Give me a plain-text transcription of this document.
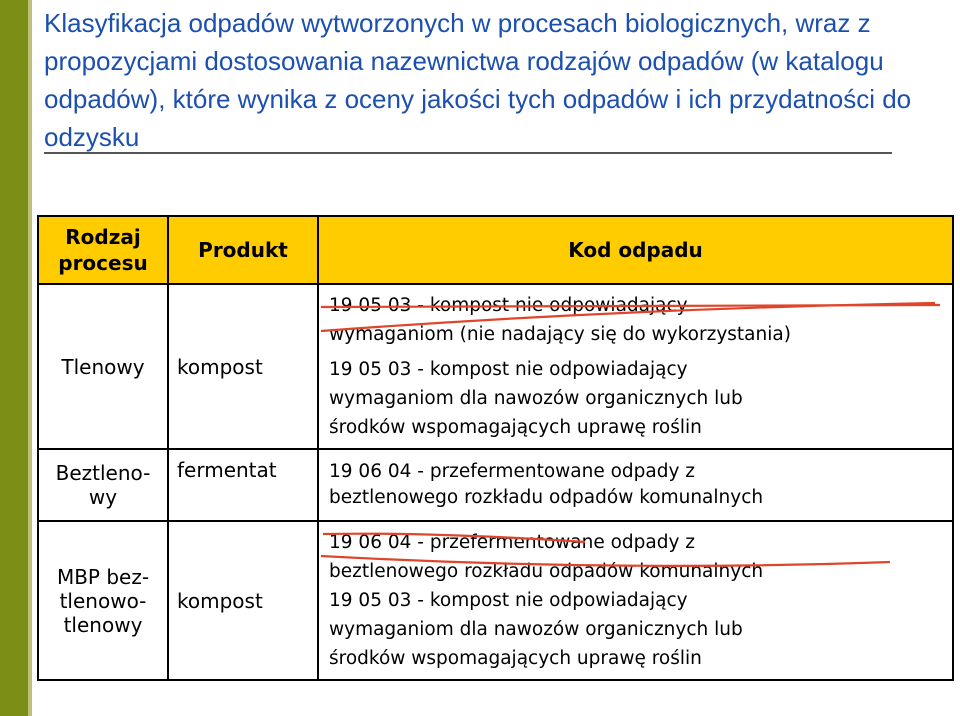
Klasyfikacja odpadów wytworzonych w procesach biologicznych, wraz z propozycjami dostosowania nazewnictwa rodzajów odpadów (w katalogu odpadów), które wynika z oceny jakości tych odpadów i ich przydatności do odzysku
Rodzaj procesu	Produkt	Kod odpadu
Tlenowy	kompost	19 05 03 - kompost nie odpowiadający
wymaganiom (nie nadający się do wykorzystania)
19 05 03 - kompost nie odpowiadający
wymaganiom dla nawozów organicznych lub
środków wspomagających uprawę roślin

Beztleno-wy	fermentat	19 06 04 - przefermentowane odpady z
beztlenowego rozkładu odpadów komunalnych

MBP bez-tlenowo-tlenowy	kompost	19 06 04 - przefermentowane odpady z
beztlenowego rozkładu odpadów komunalnych
19 05 03 - kompost nie odpowiadający
wymaganiom dla nawozów organicznych lub
środków wspomagających uprawę roślin
